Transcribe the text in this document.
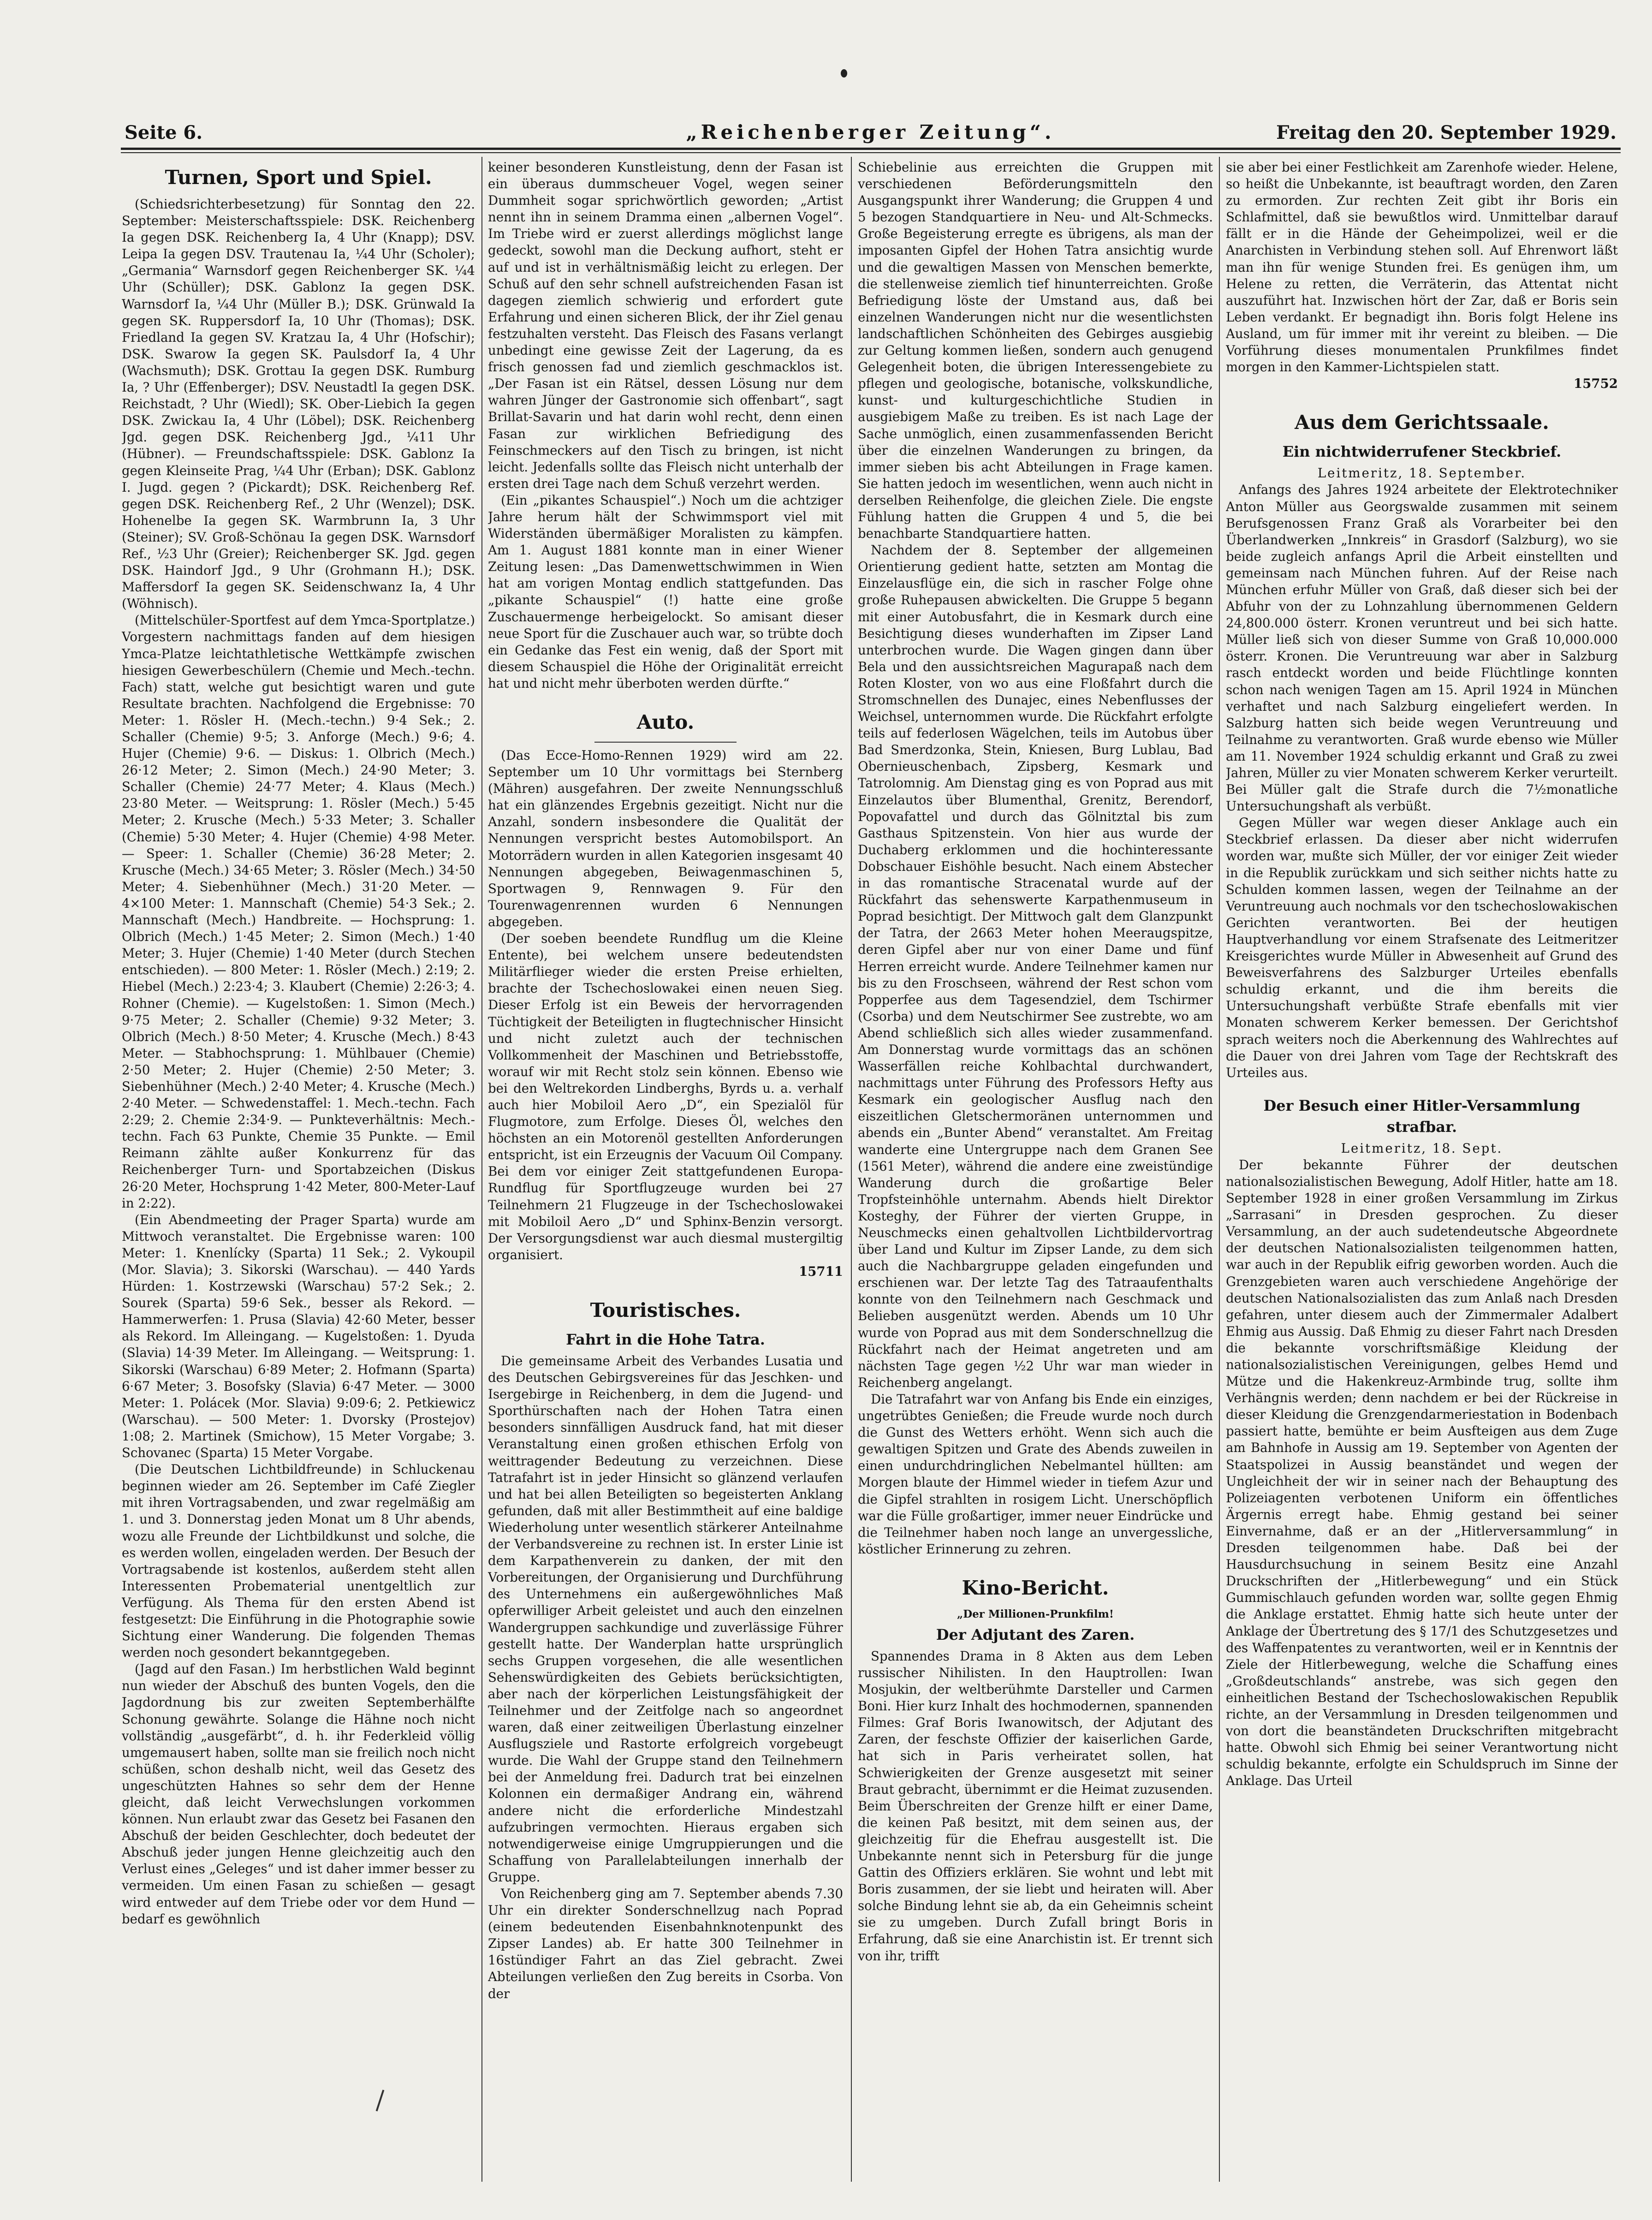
Seite 6.	„Reichenberger Zeitung“.	Freitag den 20. September 1929.
Turnen, Sport und Spiel.

(Schiedsrichterbesetzung) für Sonntag den 22. September: Meisterschaftsspiele: DSK. Reichenberg Ia gegen DSK. Reichenberg Ia, 4 Uhr (Knapp); DSV. Leipa Ia gegen DSV. Trautenau Ia, ¼4 Uhr (Scholer); „Germania“ Warnsdorf gegen Reichenberger SK. ¼4 Uhr (Schüller); DSK. Gablonz Ia gegen DSK. Warnsdorf Ia, ¼4 Uhr (Müller B.); DSK. Grünwald Ia gegen SK. Ruppersdorf Ia, 10 Uhr (Thomas); DSK. Friedland Ia gegen SV. Kratzau Ia, 4 Uhr (Hofschir); DSK. Swarow Ia gegen SK. Paulsdorf Ia, 4 Uhr (Wachsmuth); DSK. Grottau Ia gegen DSK. Rumburg Ia, ? Uhr (Effenberger); DSV. Neustadtl Ia gegen DSK. Reichstadt, ? Uhr (Wiedl); SK. Ober-Liebich Ia gegen DSK. Zwickau Ia, 4 Uhr (Löbel); DSK. Reichenberg Jgd. gegen DSK. Reichenberg Jgd., ¼11 Uhr (Hübner). — Freundschaftsspiele: DSK. Gablonz Ia gegen Kleinseite Prag, ¼4 Uhr (Erban); DSK. Gablonz I. Jugd. gegen ? (Pickardt); DSK. Reichenberg Ref. gegen DSK. Reichenberg Ref., 2 Uhr (Wenzel); DSK. Hohenelbe Ia gegen SK. Warmbrunn Ia, 3 Uhr (Steiner); SV. Groß-Schönau Ia gegen DSK. Warnsdorf Ref., ½3 Uhr (Greier); Reichenberger SK. Jgd. gegen DSK. Haindorf Jgd., 9 Uhr (Grohmann H.); DSK. Maffersdorf Ia gegen SK. Seidenschwanz Ia, 4 Uhr (Wöhnisch).

(Mittelschüler-Sportfest auf dem Ymca-Sportplatze.) Vorgestern nachmittags fanden auf dem hiesigen Ymca-Platze leichtathletische Wettkämpfe zwischen hiesigen Gewerbeschülern (Chemie und Mech.-techn. Fach) statt, welche gut besichtigt waren und gute Resultate brachten. Nachfolgend die Ergebnisse: 70 Meter: 1. Rösler H. (Mech.-techn.) 9·4 Sek.; 2. Schaller (Chemie) 9·5; 3. Anforge (Mech.) 9·6; 4. Hujer (Chemie) 9·6. — Diskus: 1. Olbrich (Mech.) 26·12 Meter; 2. Simon (Mech.) 24·90 Meter; 3. Schaller (Chemie) 24·77 Meter; 4. Klaus (Mech.) 23·80 Meter. — Weitsprung: 1. Rösler (Mech.) 5·45 Meter; 2. Krusche (Mech.) 5·33 Meter; 3. Schaller (Chemie) 5·30 Meter; 4. Hujer (Chemie) 4·98 Meter. — Speer: 1. Schaller (Chemie) 36·28 Meter; 2. Krusche (Mech.) 34·65 Meter; 3. Rösler (Mech.) 34·50 Meter; 4. Siebenhühner (Mech.) 31·20 Meter. — 4×100 Meter: 1. Mannschaft (Chemie) 54·3 Sek.; 2. Mannschaft (Mech.) Handbreite. — Hochsprung: 1. Olbrich (Mech.) 1·45 Meter; 2. Simon (Mech.) 1·40 Meter; 3. Hujer (Chemie) 1·40 Meter (durch Stechen entschieden). — 800 Meter: 1. Rösler (Mech.) 2:19; 2. Hiebel (Mech.) 2:23·4; 3. Klaubert (Chemie) 2:26·3; 4. Rohner (Chemie). — Kugelstoßen: 1. Simon (Mech.) 9·75 Meter; 2. Schaller (Chemie) 9·32 Meter; 3. Olbrich (Mech.) 8·50 Meter; 4. Krusche (Mech.) 8·43 Meter. — Stabhochsprung: 1. Mühlbauer (Chemie) 2·50 Meter; 2. Hujer (Chemie) 2·50 Meter; 3. Siebenhühner (Mech.) 2·40 Meter; 4. Krusche (Mech.) 2·40 Meter. — Schwedenstaffel: 1. Mech.-techn. Fach 2:29; 2. Chemie 2:34·9. — Punkteverhältnis: Mech.-techn. Fach 63 Punkte, Chemie 35 Punkte. — Emil Reimann zählte außer Konkurrenz für das Reichenberger Turn- und Sportabzeichen (Diskus 26·20 Meter, Hochsprung 1·42 Meter, 800-Meter-Lauf in 2:22).

(Ein Abendmeeting der Prager Sparta) wurde am Mittwoch veranstaltet. Die Ergebnisse waren: 100 Meter: 1. Knenlícky (Sparta) 11 Sek.; 2. Vykoupil (Mor. Slavia); 3. Sikorski (Warschau). — 440 Yards Hürden: 1. Kostrzewski (Warschau) 57·2 Sek.; 2. Sourek (Sparta) 59·6 Sek., besser als Rekord. — Hammerwerfen: 1. Prusa (Slavia) 42·60 Meter, besser als Rekord. Im Alleingang. — Kugelstoßen: 1. Dyuda (Slavia) 14·39 Meter. Im Alleingang. — Weitsprung: 1. Sikorski (Warschau) 6·89 Meter; 2. Hofmann (Sparta) 6·67 Meter; 3. Bosofsky (Slavia) 6·47 Meter. — 3000 Meter: 1. Polácek (Mor. Slavia) 9:09·6; 2. Petkiewicz (Warschau). — 500 Meter: 1. Dvorsky (Prostejov) 1:08; 2. Martinek (Smichow), 15 Meter Vorgabe; 3. Schovanec (Sparta) 15 Meter Vorgabe.

(Die Deutschen Lichtbildfreunde) in Schluckenau beginnen wieder am 26. September im Café Ziegler mit ihren Vortragsabenden, und zwar regelmäßig am 1. und 3. Donnerstag jeden Monat um 8 Uhr abends, wozu alle Freunde der Lichtbildkunst und solche, die es werden wollen, eingeladen werden. Der Besuch der Vortragsabende ist kostenlos, außerdem steht allen Interessenten Probematerial unentgeltlich zur Verfügung. Als Thema für den ersten Abend ist festgesetzt: Die Einführung in die Photographie sowie Sichtung einer Wanderung. Die folgenden Themas werden noch gesondert bekanntgegeben.

(Jagd auf den Fasan.) Im herbstlichen Wald beginnt nun wieder der Abschuß des bunten Vogels, den die Jagdordnung bis zur zweiten Septemberhälfte Schonung gewährte. Solange die Hähne noch nicht vollständig „ausgefärbt“, d. h. ihr Federkleid völlig umgemausert haben, sollte man sie freilich noch nicht schüßen, schon deshalb nicht, weil das Gesetz des ungeschützten Hahnes so sehr dem der Henne gleicht, daß leicht Verwechslungen vorkommen können. Nun erlaubt zwar das Gesetz bei Fasanen den Abschuß der beiden Geschlechter, doch bedeutet der Abschuß jeder jungen Henne gleichzeitig auch den Verlust eines „Geleges“ und ist daher immer besser zu vermeiden. Um einen Fasan zu schießen — gesagt wird entweder auf dem Triebe oder vor dem Hund — bedarf es gewöhnlich

keiner besonderen Kunstleistung, denn der Fasan ist ein überaus dummscheuer Vogel, wegen seiner Dummheit sogar sprichwörtlich geworden; „Artist nennt ihn in seinem Dramma einen „albernen Vogel“. Im Triebe wird er zuerst allerdings möglichst lange gedeckt, sowohl man die Deckung aufhort, steht er auf und ist in verhältnismäßig leicht zu erlegen. Der Schuß auf den sehr schnell aufstreichenden Fasan ist dagegen ziemlich schwierig und erfordert gute Erfahrung und einen sicheren Blick, der ihr Ziel genau festzuhalten versteht. Das Fleisch des Fasans verlangt unbedingt eine gewisse Zeit der Lagerung, da es frisch genossen fad und ziemlich geschmacklos ist. „Der Fasan ist ein Rätsel, dessen Lösung nur dem wahren Jünger der Gastronomie sich offenbart“, sagt Brillat-Savarin und hat darin wohl recht, denn einen Fasan zur wirklichen Befriedigung des Feinschmeckers auf den Tisch zu bringen, ist nicht leicht. Jedenfalls sollte das Fleisch nicht unterhalb der ersten drei Tage nach dem Schuß verzehrt werden.

(Ein „pikantes Schauspiel“.) Noch um die achtziger Jahre herum hält der Schwimmsport viel mit Widerständen übermäßiger Moralisten zu kämpfen. Am 1. August 1881 konnte man in einer Wiener Zeitung lesen: „Das Damenwettschwimmen in Wien hat am vorigen Montag endlich stattgefunden. Das „pikante Schauspiel“ (!) hatte eine große Zuschauermenge herbeigelockt. So amisant dieser neue Sport für die Zuschauer auch war, so trübte doch ein Gedanke das Fest ein wenig, daß der Sport mit diesem Schauspiel die Höhe der Originalität erreicht hat und nicht mehr überboten werden dürfte.“

Auto.

(Das Ecce-Homo-Rennen 1929) wird am 22. September um 10 Uhr vormittags bei Sternberg (Mähren) ausgefahren. Der zweite Nennungsschluß hat ein glänzendes Ergebnis gezeitigt. Nicht nur die Anzahl, sondern insbesondere die Qualität der Nennungen verspricht bestes Automobilsport. An Motorrädern wurden in allen Kategorien insgesamt 40 Nennungen abgegeben, Beiwagenmaschinen 5, Sportwagen 9, Rennwagen 9. Für den Tourenwagenrennen wurden 6 Nennungen abgegeben.

(Der soeben beendete Rundflug um die Kleine Entente), bei welchem unsere bedeutendsten Militärflieger wieder die ersten Preise erhielten, brachte der Tschechoslowakei einen neuen Sieg. Dieser Erfolg ist ein Beweis der hervorragenden Tüchtigkeit der Beteiligten in flugtechnischer Hinsicht und nicht zuletzt auch der technischen Vollkommenheit der Maschinen und Betriebsstoffe, worauf wir mit Recht stolz sein können. Ebenso wie bei den Weltrekorden Lindberghs, Byrds u. a. verhalf auch hier Mobiloil Aero „D“, ein Spezialöl für Flugmotore, zum Erfolge. Dieses Öl, welches den höchsten an ein Motorenöl gestellten Anforderungen entspricht, ist ein Erzeugnis der Vacuum Oil Company. Bei dem vor einiger Zeit stattgefundenen Europa-Rundflug für Sportflugzeuge wurden bei 27 Teilnehmern 21 Flugzeuge in der Tschechoslowakei mit Mobiloil Aero „D“ und Sphinx-Benzin versorgt. Der Versorgungsdienst war auch diesmal mustergiltig organisiert.

15711
Touristisches.
Fahrt in die Hohe Tatra.

Die gemeinsame Arbeit des Verbandes Lusatia und des Deutschen Gebirgsvereines für das Jeschken- und Isergebirge in Reichenberg, in dem die Jugend- und Sporthürschaften nach der Hohen Tatra einen besonders sinnfälligen Ausdruck fand, hat mit dieser Veranstaltung einen großen ethischen Erfolg von weittragender Bedeutung zu verzeichnen. Diese Tatrafahrt ist in jeder Hinsicht so glänzend verlaufen und hat bei allen Beteiligten so begeisterten Anklang gefunden, daß mit aller Bestimmtheit auf eine baldige Wiederholung unter wesentlich stärkerer Anteilnahme der Verbandsvereine zu rechnen ist. In erster Linie ist dem Karpathenverein zu danken, der mit den Vorbereitungen, der Organisierung und Durchführung des Unternehmens ein außergewöhnliches Maß opferwilliger Arbeit geleistet und auch den einzelnen Wandergruppen sachkundige und zuverlässige Führer gestellt hatte. Der Wanderplan hatte ursprünglich sechs Gruppen vorgesehen, die alle wesentlichen Sehenswürdigkeiten des Gebiets berücksichtigten, aber nach der körperlichen Leistungsfähigkeit der Teilnehmer und der Zeitfolge nach so angeordnet waren, daß einer zeitweiligen Überlastung einzelner Ausflugsziele und Rastorte erfolgreich vorgebeugt wurde. Die Wahl der Gruppe stand den Teilnehmern bei der Anmeldung frei. Dadurch trat bei einzelnen Kolonnen ein dermaßiger Andrang ein, während andere nicht die erforderliche Mindestzahl aufzubringen vermochten. Hieraus ergaben sich notwendigerweise einige Umgruppierungen und die Schaffung von Parallelabteilungen innerhalb der Gruppe.

Von Reichenberg ging am 7. September abends 7.30 Uhr ein direkter Sonderschnellzug nach Poprad (einem bedeutenden Eisenbahnknotenpunkt des Zipser Landes) ab. Er hatte 300 Teilnehmer in 16stündiger Fahrt an das Ziel gebracht. Zwei Abteilungen verließen den Zug bereits in Csorba. Von der

Schiebelinie aus erreichten die Gruppen mit verschiedenen Beförderungsmitteln den Ausgangspunkt ihrer Wanderung; die Gruppen 4 und 5 bezogen Standquartiere in Neu- und Alt-Schmecks. Große Begeisterung erregte es übrigens, als man der imposanten Gipfel der Hohen Tatra ansichtig wurde und die gewaltigen Massen von Menschen bemerkte, die stellenweise ziemlich tief hinunterreichten. Große Befriedigung löste der Umstand aus, daß bei einzelnen Wanderungen nicht nur die wesentlichsten landschaftlichen Schönheiten des Gebirges ausgiebig zur Geltung kommen ließen, sondern auch genugend Gelegenheit boten, die übrigen Interessengebiete zu pflegen und geologische, botanische, volkskundliche, kunst- und kulturgeschichtliche Studien in ausgiebigem Maße zu treiben. Es ist nach Lage der Sache unmöglich, einen zusammenfassenden Bericht über die einzelnen Wanderungen zu bringen, da immer sieben bis acht Abteilungen in Frage kamen. Sie hatten jedoch im wesentlichen, wenn auch nicht in derselben Reihenfolge, die gleichen Ziele. Die engste Fühlung hatten die Gruppen 4 und 5, die bei benachbarte Standquartiere hatten.

Nachdem der 8. September der allgemeinen Orientierung gedient hatte, setzten am Montag die Einzelausflüge ein, die sich in rascher Folge ohne große Ruhepausen abwickelten. Die Gruppe 5 begann mit einer Autobusfahrt, die in Kesmark durch eine Besichtigung dieses wunderhaften im Zipser Land unterbrochen wurde. Die Wagen gingen dann über Bela und den aussichtsreichen Magurapaß nach dem Roten Kloster, von wo aus eine Floßfahrt durch die Stromschnellen des Dunajec, eines Nebenflusses der Weichsel, unternommen wurde. Die Rückfahrt erfolgte teils auf federlosen Wägelchen, teils im Autobus über Bad Smerdzonka, Stein, Kniesen, Burg Lublau, Bad Obernieuschenbach, Zipsberg, Kesmark und Tatrolomnig. Am Dienstag ging es von Poprad aus mit Einzelautos über Blumenthal, Grenitz, Berendorf, Popovafattel und durch das Gölnitztal bis zum Gasthaus Spitzenstein. Von hier aus wurde der Duchaberg erklommen und die hochinteressante Dobschauer Eishöhle besucht. Nach einem Abstecher in das romantische Stracenatal wurde auf der Rückfahrt das sehenswerte Karpathenmuseum in Poprad besichtigt. Der Mittwoch galt dem Glanzpunkt der Tatra, der 2663 Meter hohen Meeraugspitze, deren Gipfel aber nur von einer Dame und fünf Herren erreicht wurde. Andere Teilnehmer kamen nur bis zu den Froschseen, während der Rest schon vom Popperfee aus dem Tagesendziel, dem Tschirmer (Csorba) und dem Neutschirmer See zustrebte, wo am Abend schließlich sich alles wieder zusammenfand. Am Donnerstag wurde vormittags das an schönen Wasserfällen reiche Kohlbachtal durchwandert, nachmittags unter Führung des Professors Hefty aus Kesmark ein geologischer Ausflug nach den eiszeitlichen Gletschermoränen unternommen und abends ein „Bunter Abend“ veranstaltet. Am Freitag wanderte eine Untergruppe nach dem Granen See (1561 Meter), während die andere eine zweistündige Wanderung durch die großartige Beler Tropfsteinhöhle unternahm. Abends hielt Direktor Kosteghy, der Führer der vierten Gruppe, in Neuschmecks einen gehaltvollen Lichtbildervortrag über Land und Kultur im Zipser Lande, zu dem sich auch die Nachbargruppe geladen eingefunden und erschienen war. Der letzte Tag des Tatraaufenthalts konnte von den Teilnehmern nach Geschmack und Belieben ausgenützt werden. Abends um 10 Uhr wurde von Poprad aus mit dem Sonderschnellzug die Rückfahrt nach der Heimat angetreten und am nächsten Tage gegen ½2 Uhr war man wieder in Reichenberg angelangt.

Die Tatrafahrt war von Anfang bis Ende ein einziges, ungetrübtes Genießen; die Freude wurde noch durch die Gunst des Wetters erhöht. Wenn sich auch die gewaltigen Spitzen und Grate des Abends zuweilen in einen undurchdringlichen Nebelmantel hüllten: am Morgen blaute der Himmel wieder in tiefem Azur und die Gipfel strahlten in rosigem Licht. Unerschöpflich war die Fülle großartiger, immer neuer Eindrücke und die Teilnehmer haben noch lange an unvergessliche, köstlicher Erinnerung zu zehren.

Kino-Bericht.
„Der Millionen-Prunkfilm!
Der Adjutant des Zaren.

Spannendes Drama in 8 Akten aus dem Leben russischer Nihilisten. In den Hauptrollen: Iwan Mosjukin, der weltberühmte Darsteller und Carmen Boni. Hier kurz Inhalt des hochmodernen, spannenden Filmes: Graf Boris Iwanowitsch, der Adjutant des Zaren, der feschste Offizier der kaiserlichen Garde, hat sich in Paris verheiratet sollen, hat Schwierigkeiten der Grenze ausgesetzt mit seiner Braut gebracht, übernimmt er die Heimat zuzusenden. Beim Überschreiten der Grenze hilft er einer Dame, die keinen Paß besitzt, mit dem seinen aus, der gleichzeitig für die Ehefrau ausgestellt ist. Die Unbekannte nennt sich in Petersburg für die junge Gattin des Offiziers erklären. Sie wohnt und lebt mit Boris zusammen, der sie liebt und heiraten will. Aber solche Bindung lehnt sie ab, da ein Geheimnis scheint sie zu umgeben. Durch Zufall bringt Boris in Erfahrung, daß sie eine Anarchistin ist. Er trennt sich von ihr, trifft

sie aber bei einer Festlichkeit am Zarenhofe wieder. Helene, so heißt die Unbekannte, ist beauftragt worden, den Zaren zu ermorden. Zur rechten Zeit gibt ihr Boris ein Schlafmittel, daß sie bewußtlos wird. Unmittelbar darauf fällt er in die Hände der Geheimpolizei, weil er die Anarchisten in Verbindung stehen soll. Auf Ehrenwort läßt man ihn für wenige Stunden frei. Es genügen ihm, um Helene zu retten, die Verräterin, das Attentat nicht auszuführt hat. Inzwischen hört der Zar, daß er Boris sein Leben verdankt. Er begnadigt ihn. Boris folgt Helene ins Ausland, um für immer mit ihr vereint zu bleiben. — Die Vorführung dieses monumentalen Prunkfilmes findet morgen in den Kammer-Lichtspielen statt.

15752
Aus dem Gerichtssaale.
Ein nichtwiderrufener Steckbrief.

Leitmeritz, 18. September.

Anfangs des Jahres 1924 arbeitete der Elektrotechniker Anton Müller aus Georgswalde zusammen mit seinem Berufsgenossen Franz Graß als Vorarbeiter bei den Überlandwerken „Innkreis“ in Grasdorf (Salzburg), wo sie beide zugleich anfangs April die Arbeit einstellten und gemeinsam nach München fuhren. Auf der Reise nach München erfuhr Müller von Graß, daß dieser sich bei der Abfuhr von der zu Lohnzahlung übernommenen Geldern 24,800.000 österr. Kronen veruntreut und bei sich hatte. Müller ließ sich von dieser Summe von Graß 10,000.000 österr. Kronen. Die Veruntreuung war aber in Salzburg rasch entdeckt worden und beide Flüchtlinge konnten schon nach wenigen Tagen am 15. April 1924 in München verhaftet und nach Salzburg eingeliefert werden. In Salzburg hatten sich beide wegen Veruntreuung und Teilnahme zu verantworten. Graß wurde ebenso wie Müller am 11. November 1924 schuldig erkannt und Graß zu zwei Jahren, Müller zu vier Monaten schwerem Kerker verurteilt. Bei Müller galt die Strafe durch die 7½monatliche Untersuchungshaft als verbüßt.

Gegen Müller war wegen dieser Anklage auch ein Steckbrief erlassen. Da dieser aber nicht widerrufen worden war, mußte sich Müller, der vor einiger Zeit wieder in die Republik zurückkam und sich seither nichts hatte zu Schulden kommen lassen, wegen der Teilnahme an der Veruntreuung auch nochmals vor den tschechoslowakischen Gerichten verantworten. Bei der heutigen Hauptverhandlung vor einem Strafsenate des Leitmeritzer Kreisgerichtes wurde Müller in Abwesenheit auf Grund des Beweisverfahrens des Salzburger Urteiles ebenfalls schuldig erkannt, und die ihm bereits die Untersuchungshaft verbüßte Strafe ebenfalls mit vier Monaten schwerem Kerker bemessen. Der Gerichtshof sprach weiters noch die Aberkennung des Wahlrechtes auf die Dauer von drei Jahren vom Tage der Rechtskraft des Urteiles aus.

Der Besuch einer Hitler-Versammlung strafbar.

Leitmeritz, 18. Sept.

Der bekannte Führer der deutschen nationalsozialistischen Bewegung, Adolf Hitler, hatte am 18. September 1928 in einer großen Versammlung im Zirkus „Sarrasani“ in Dresden gesprochen. Zu dieser Versammlung, an der auch sudetendeutsche Abgeordnete der deutschen Nationalsozialisten teilgenommen hatten, war auch in der Republik eifrig geworben worden. Auch die Grenzgebieten waren auch verschiedene Angehörige der deutschen Nationalsozialisten das zum Anlaß nach Dresden gefahren, unter diesem auch der Zimmermaler Adalbert Ehmig aus Aussig. Daß Ehmig zu dieser Fahrt nach Dresden die bekannte vorschriftsmäßige Kleidung der nationalsozialistischen Vereinigungen, gelbes Hemd und Mütze und die Hakenkreuz-Armbinde trug, sollte ihm Verhängnis werden; denn nachdem er bei der Rückreise in dieser Kleidung die Grenzgendarmeriestation in Bodenbach passiert hatte, bemühte er beim Ausfteigen aus dem Zuge am Bahnhofe in Aussig am 19. September von Agenten der Staatspolizei in Aussig beanständet und wegen der Ungleichheit der wir in seiner nach der Behauptung des Polizeiagenten verbotenen Uniform ein öffentliches Ärgernis erregt habe. Ehmig gestand bei seiner Einvernahme, daß er an der „Hitlerversammlung“ in Dresden teilgenommen habe. Daß bei der Hausdurchsuchung in seinem Besitz eine Anzahl Druckschriften der „Hitlerbewegung“ und ein Stück Gummischlauch gefunden worden war, sollte gegen Ehmig die Anklage erstattet. Ehmig hatte sich heute unter der Anklage der Übertretung des § 17/1 des Schutzgesetzes und des Waffenpatentes zu verantworten, weil er in Kenntnis der Ziele der Hitlerbewegung, welche die Schaffung eines „Großdeutschlands“ anstrebe, was sich gegen den einheitlichen Bestand der Tschechoslowakischen Republik richte, an der Versammlung in Dresden teilgenommen und von dort die beanständeten Druckschriften mitgebracht hatte. Obwohl sich Ehmig bei seiner Verantwortung nicht schuldig bekannte, erfolgte ein Schuldspruch im Sinne der Anklage. Das Urteil
